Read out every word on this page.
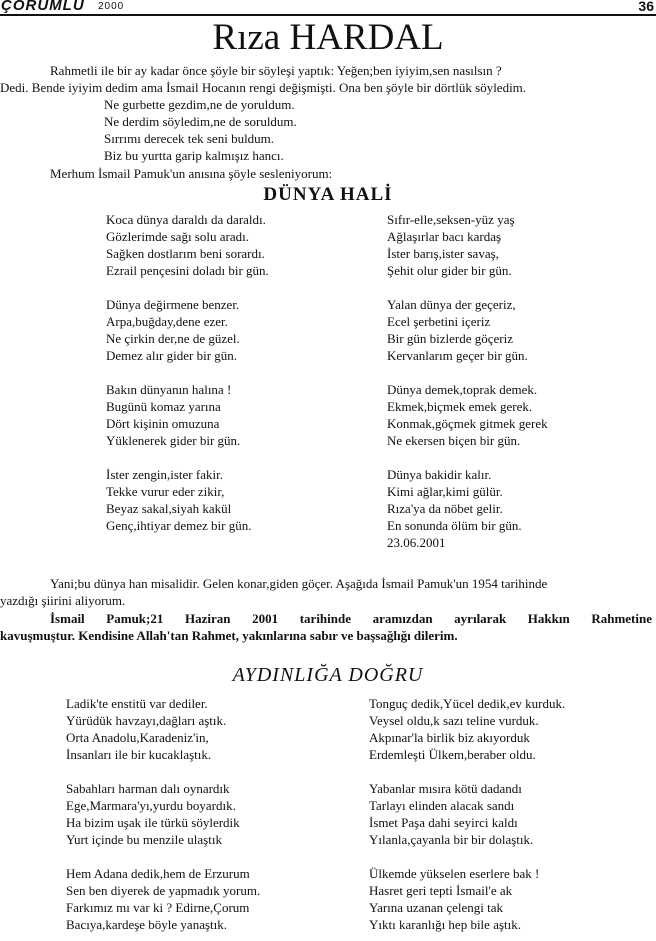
ÇORUMLU 2000	36
Rıza HARDAL
Rahmetli ile bir ay kadar önce şöyle bir söyleşi yaptık: Yeğen;ben iyiyim,sen nasılsın ?
Dedi. Bende iyiyim dedim ama İsmail Hocanın rengi değişmişti. Ona ben şöyle bir dörtlük söyledim.
Ne gurbette gezdim,ne de yoruldum.
Ne derdim söyledim,ne de soruldum.
Sırrımı derecek tek seni buldum.
Biz bu yurtta garip kalmışız hancı.
Merhum İsmail Pamuk'un anısına şöyle sesleniyorum:
DÜNYA HALİ
Koca dünya daraldı da daraldı.
Gözlerimde sağı solu aradı.
Sağken dostlarım beni sorardı.
Ezrail pençesini doladı bir gün.
Dünya değirmene benzer.
Arpa,buğday,dene ezer.
Ne çirkin der,ne de güzel.
Demez alır gider bir gün.
Bakın dünyanın halına !
Bugünü komaz yarına
Dört kişinin omuzuna
Yüklenerek gider bir gün.
İster zengin,ister fakir.
Tekke vurur eder zikir,
Beyaz sakal,siyah kakül
Genç,ihtiyar demez bir gün.
Sıfır-elle,seksen-yüz yaş
Ağlaşırlar bacı kardaş
İster barış,ister savaş,
Şehit olur gider bir gün.
Yalan dünya der geçeriz,
Ecel şerbetini içeriz
Bir gün bizlerde göçeriz
Kervanlarım geçer bir gün.
Dünya demek,toprak demek.
Ekmek,biçmek emek gerek.
Konmak,göçmek gitmek gerek
Ne ekersen biçen bir gün.
Dünya bakidir kalır.
Kimi ağlar,kimi gülür.
Rıza'ya da nöbet gelir.
En sonunda ölüm bir gün.
23.06.2001
Yani;bu dünya han misalidir. Gelen konar,giden göçer. Aşağıda İsmail Pamuk'un 1954 tarihinde
yazdığı şiirini aliyorum.
İsmail Pamuk;21 Haziran 2001 tarihinde aramızdan ayrılarak Hakkın Rahmetine
kavuşmuştur. Kendisine Allah'tan Rahmet, yakınlarına sabır ve başsağlığı dilerim.
AYDINLIĞA DOĞRU
Ladik'te enstitü var dediler.
Yürüdük havzayı,dağları aştık.
Orta Anadolu,Karadeniz'in,
İnsanları ile bir kucaklaştık.
Sabahları harman dalı oynardık
Ege,Marmara'yı,yurdu boyardık.
Ha bizim uşak ile türkü söylerdik
Yurt içinde bu menzile ulaştık
Hem Adana dedik,hem de Erzurum
Sen ben diyerek de yapmadık yorum.
Farkımız mı var ki ? Edirne,Çorum
Bacıya,kardeşe böyle yanaştık.
Tonguç dedik,Yücel dedik,ev kurduk.
Veysel oldu,k sazı teline vurduk.
Akpınar'la birlik biz akıyorduk
Erdemleşti Ülkem,beraber oldu.
Yabanlar mısıra kötü dadandı
Tarlayı elinden alacak sandı
İsmet Paşa dahi seyirci kaldı
Yılanla,çayanla bir bir dolaştık.
Ülkemde yükselen eserlere bak !
Hasret geri tepti İsmail'e ak
Yarına uzanan çelengi tak
Yıktı karanlığı hep bile aştık.
